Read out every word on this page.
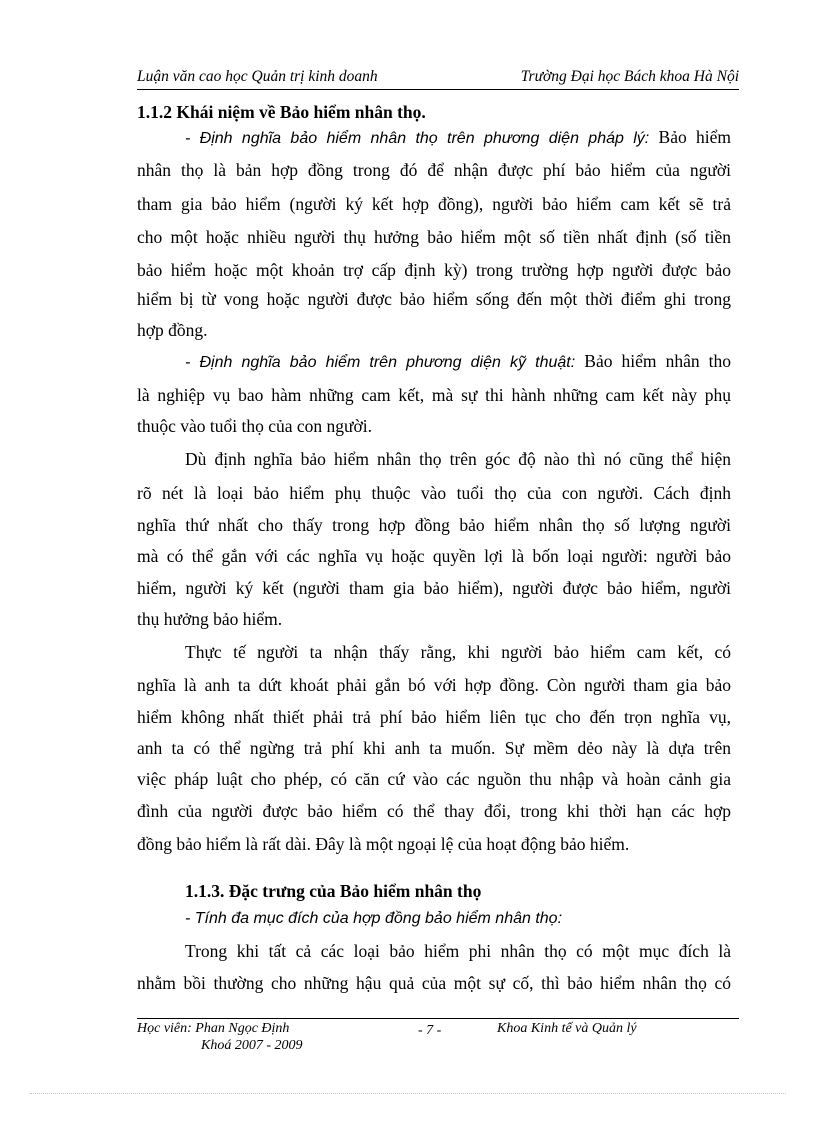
Luận văn cao học Quản trị kinh doanh	Trường Đại học Bách khoa Hà Nội
1.1.2 Khái niệm về Bảo hiểm nhân thọ.
- Định nghĩa bảo hiểm nhân thọ trên phương diện pháp lý: Bảo hiểm
nhân thọ là bản hợp đồng trong đó để nhận được phí bảo hiểm của người
tham gia bảo hiểm (người ký kết hợp đồng), người bảo hiểm cam kết sẽ trả
cho một hoặc nhiều người thụ hưởng bảo hiểm một số tiền nhất định (số tiền
bảo hiểm hoặc một khoản trợ cấp định kỳ) trong trường hợp người được bảo
hiểm bị từ vong hoặc người được bảo hiểm sống đến một thời điểm ghi trong
hợp đồng.
- Định nghĩa bảo hiểm trên phương diện kỹ thuật: Bảo hiểm nhân tho
là nghiệp vụ bao hàm những cam kết, mà sự thi hành những cam kết này phụ
thuộc vào tuổi thọ của con người.
Dù định nghĩa bảo hiểm nhân thọ trên góc độ nào thì nó cũng thể hiện
rõ nét là loại bảo hiểm phụ thuộc vào tuổi thọ của con người. Cách định
nghĩa thứ nhất cho thấy trong hợp đồng bảo hiểm nhân thọ số lượng người
mà có thể gắn với các nghĩa vụ hoặc quyền lợi là bốn loại người: người bảo
hiểm, người ký kết (người tham gia bảo hiểm), người được bảo hiểm, người
thụ hưởng bảo hiểm.
Thực tế người ta nhận thấy rằng, khi người bảo hiểm cam kết, có
nghĩa là anh ta dứt khoát phải gắn bó với hợp đồng. Còn người tham gia bảo
hiểm không nhất thiết phải trả phí bảo hiểm liên tục cho đến trọn nghĩa vụ,
anh ta có thể ngừng trả phí khi anh ta muốn. Sự mềm dẻo này là dựa trên
việc pháp luật cho phép, có căn cứ vào các nguồn thu nhập và hoàn cảnh gia
đình của người được bảo hiểm có thể thay đổi, trong khi thời hạn các hợp
đồng bảo hiểm là rất dài. Đây là một ngoại lệ của hoạt động bảo hiểm.
1.1.3. Đặc trưng của Bảo hiểm nhân thọ
- Tính đa mục đích của hợp đồng bảo hiểm nhân thọ:
Trong khi tất cả các loại bảo hiểm phi nhân thọ có một mục đích là
nhằm bồi thường cho những hậu quả của một sự cố, thì bảo hiểm nhân thọ có
Học viên: Phan Ngọc Định
Khoá 2007 - 2009
- 7 -	Khoa Kinh tế và Quản lý
